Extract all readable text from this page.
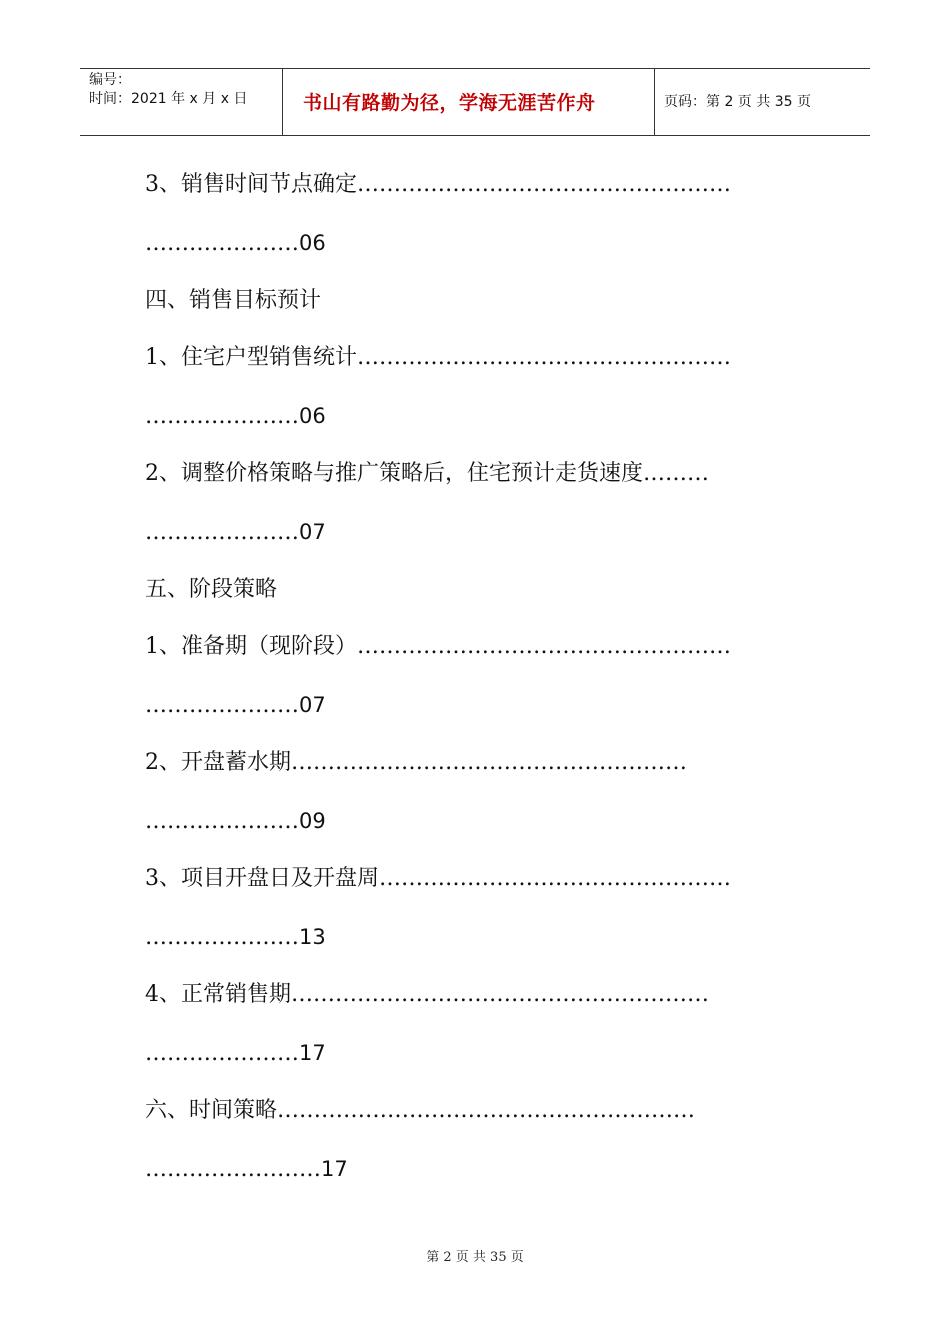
编号：
时间：2021 年 x 月 x 日	书山有路勤为径，学海无涯苦作舟	页码：第 2 页 共 35 页
3、销售时间节点确定……………………………………………
…………………06
四、销售目标预计
1、住宅户型销售统计……………………………………………
…………………06
2、调整价格策略与推广策略后，住宅预计走货速度………
…………………07
五、阶段策略
1、准备期（现阶段）……………………………………………
…………………07
2、开盘蓄水期………………………………………………
…………………09
3、项目开盘日及开盘周…………………………………………
…………………13
4、正常销售期…………………………………………………
…………………17
六、时间策略…………………………………………………
……………………17
第 2 页 共 35 页
